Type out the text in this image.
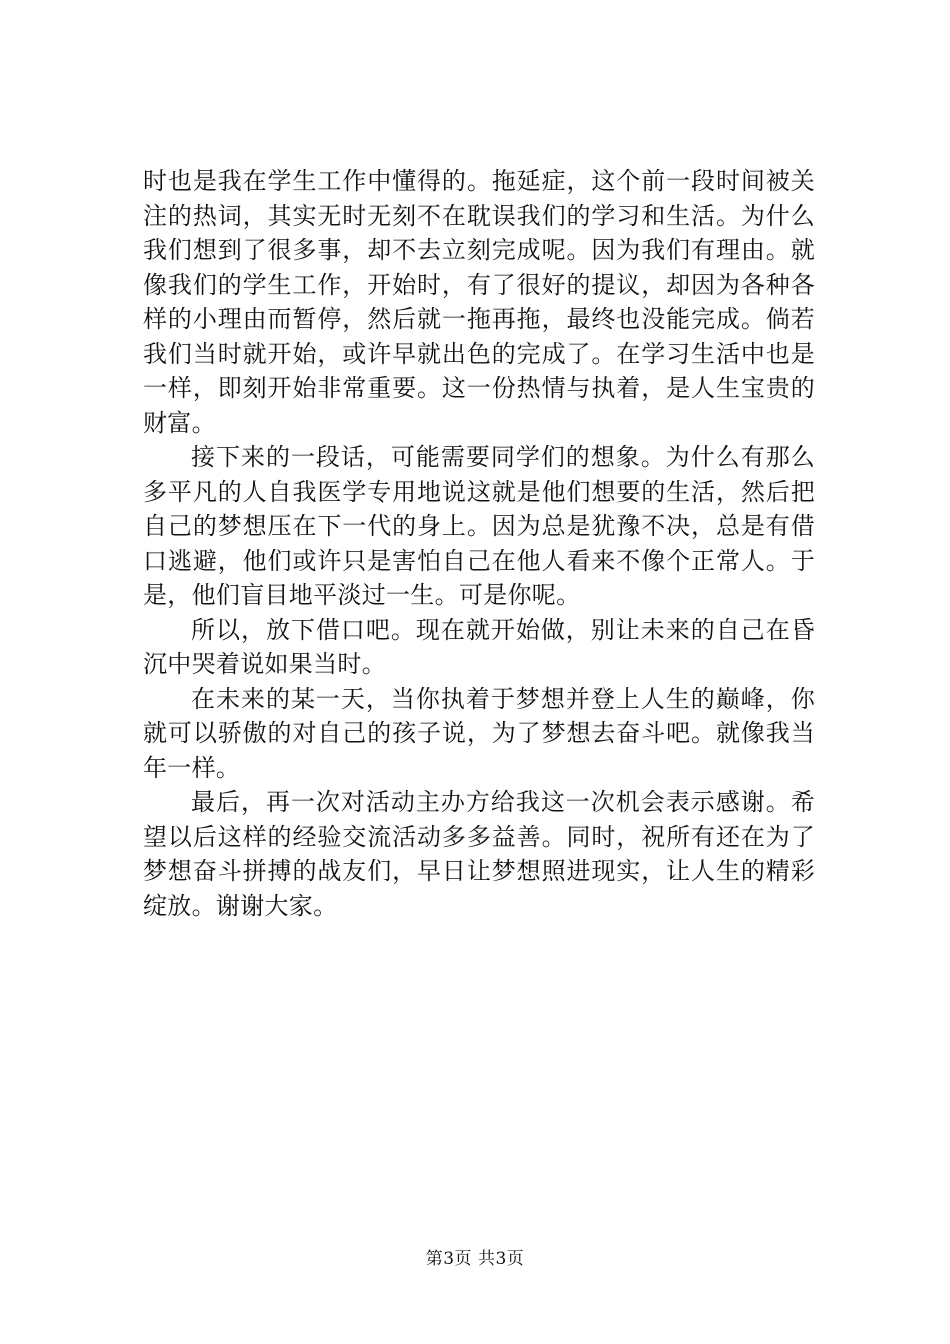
时也是我在学生工作中懂得的。拖延症，这个前一段时间被关注的热词，其实无时无刻不在耽误我们的学习和生活。为什么我们想到了很多事，却不去立刻完成呢。因为我们有理由。就像我们的学生工作，开始时，有了很好的提议，却因为各种各样的小理由而暂停，然后就一拖再拖，最终也没能完成。倘若我们当时就开始，或许早就出色的完成了。在学习生活中也是一样，即刻开始非常重要。这一份热情与执着，是人生宝贵的财富。

接下来的一段话，可能需要同学们的想象。为什么有那么多平凡的人自我医学专用地说这就是他们想要的生活，然后把自己的梦想压在下一代的身上。因为总是犹豫不决，总是有借口逃避，他们或许只是害怕自己在他人看来不像个正常人。于是，他们盲目地平淡过一生。可是你呢。

所以，放下借口吧。现在就开始做，别让未来的自己在昏沉中哭着说如果当时。

在未来的某一天，当你执着于梦想并登上人生的巅峰，你就可以骄傲的对自己的孩子说，为了梦想去奋斗吧。就像我当年一样。

最后，再一次对活动主办方给我这一次机会表示感谢。希望以后这样的经验交流活动多多益善。同时，祝所有还在为了梦想奋斗拼搏的战友们，早日让梦想照进现实，让人生的精彩绽放。谢谢大家。

第3页 共3页
